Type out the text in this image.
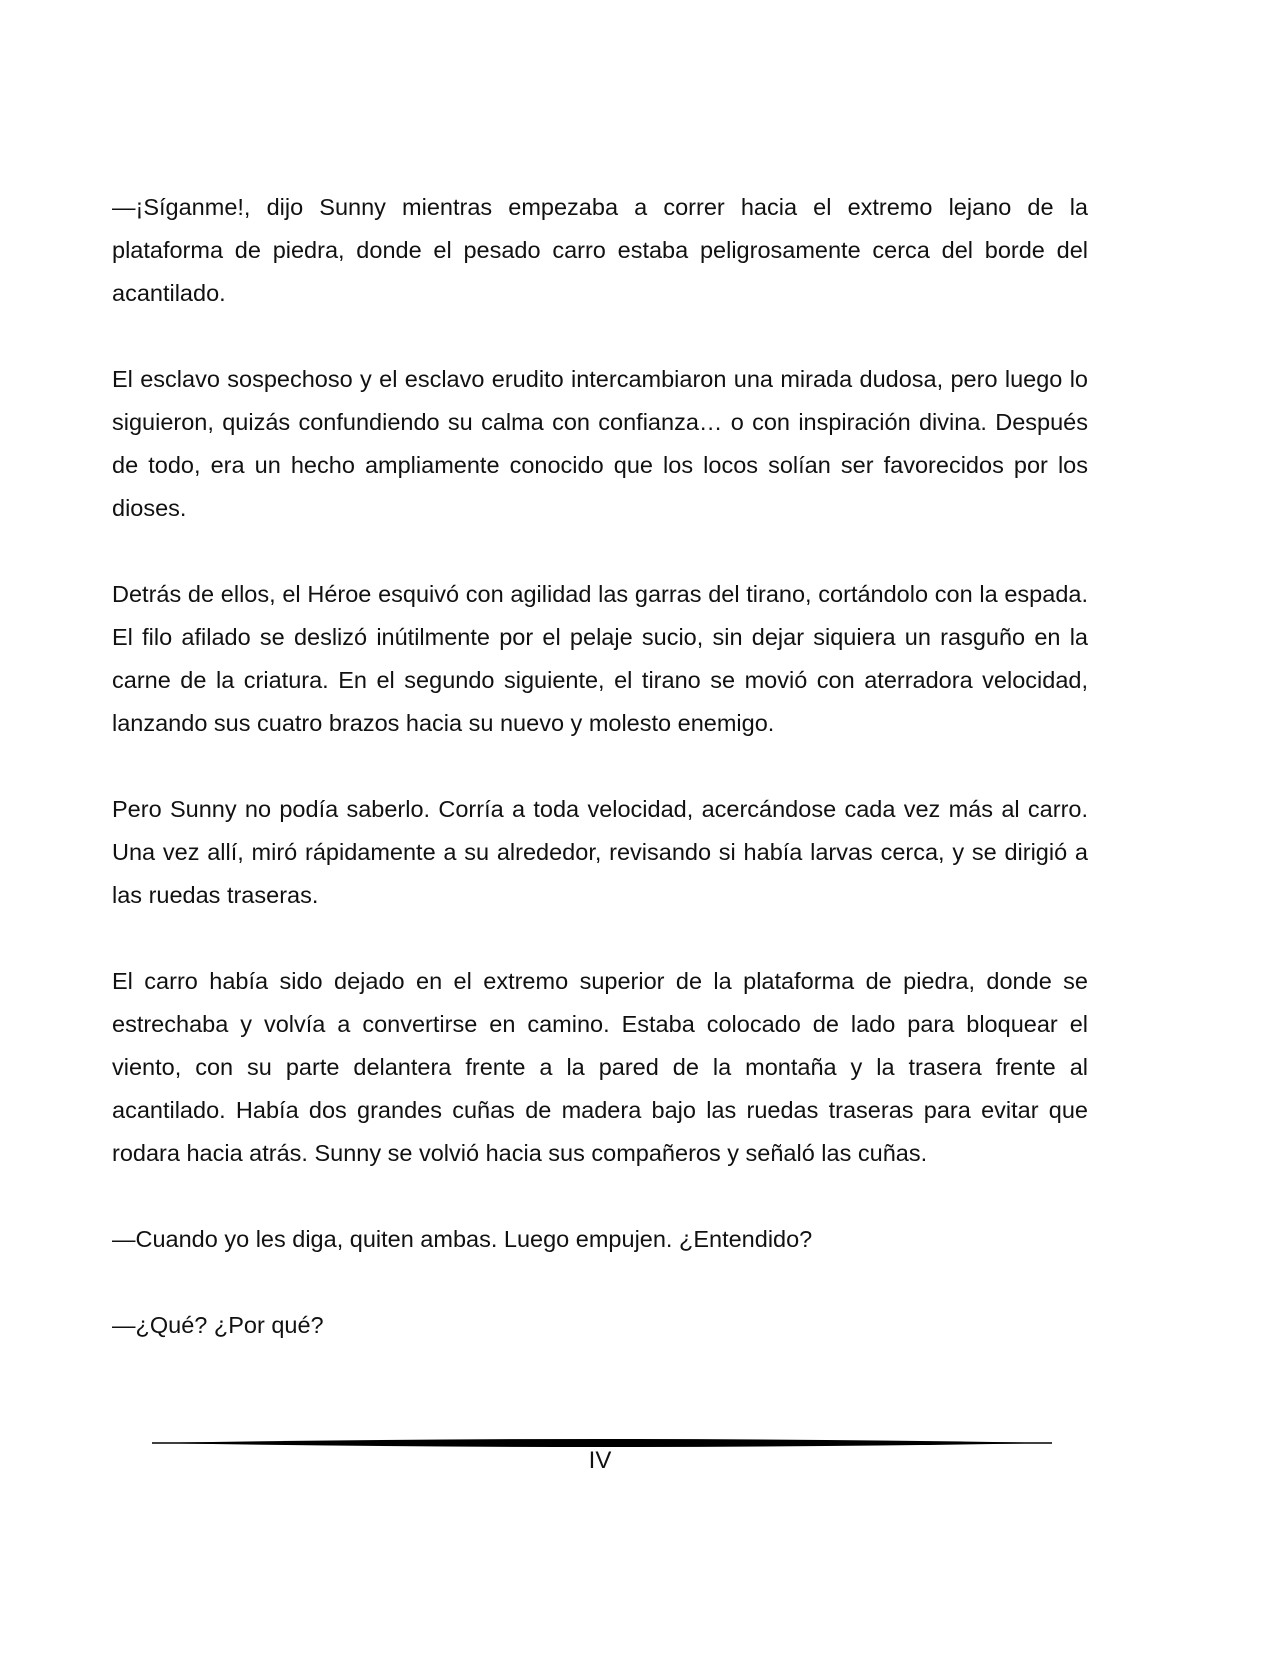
—¡Síganme!, dijo Sunny mientras empezaba a correr hacia el extremo lejano de la plataforma de piedra, donde el pesado carro estaba peligrosamente cerca del borde del acantilado.

El esclavo sospechoso y el esclavo erudito intercambiaron una mirada dudosa, pero luego lo siguieron, quizás confundiendo su calma con confianza… o con inspiración divina. Después de todo, era un hecho ampliamente conocido que los locos solían ser favorecidos por los dioses.

Detrás de ellos, el Héroe esquivó con agilidad las garras del tirano, cortándolo con la espada. El filo afilado se deslizó inútilmente por el pelaje sucio, sin dejar siquiera un rasguño en la carne de la criatura. En el segundo siguiente, el tirano se movió con aterradora velocidad, lanzando sus cuatro brazos hacia su nuevo y molesto enemigo.

Pero Sunny no podía saberlo. Corría a toda velocidad, acercándose cada vez más al carro. Una vez allí, miró rápidamente a su alrededor, revisando si había larvas cerca, y se dirigió a las ruedas traseras.

El carro había sido dejado en el extremo superior de la plataforma de piedra, donde se estrechaba y volvía a convertirse en camino. Estaba colocado de lado para bloquear el viento, con su parte delantera frente a la pared de la montaña y la trasera frente al acantilado. Había dos grandes cuñas de madera bajo las ruedas traseras para evitar que rodara hacia atrás. Sunny se volvió hacia sus compañeros y señaló las cuñas.

—Cuando yo les diga, quiten ambas. Luego empujen. ¿Entendido?

—¿Qué? ¿Por qué?

IV
